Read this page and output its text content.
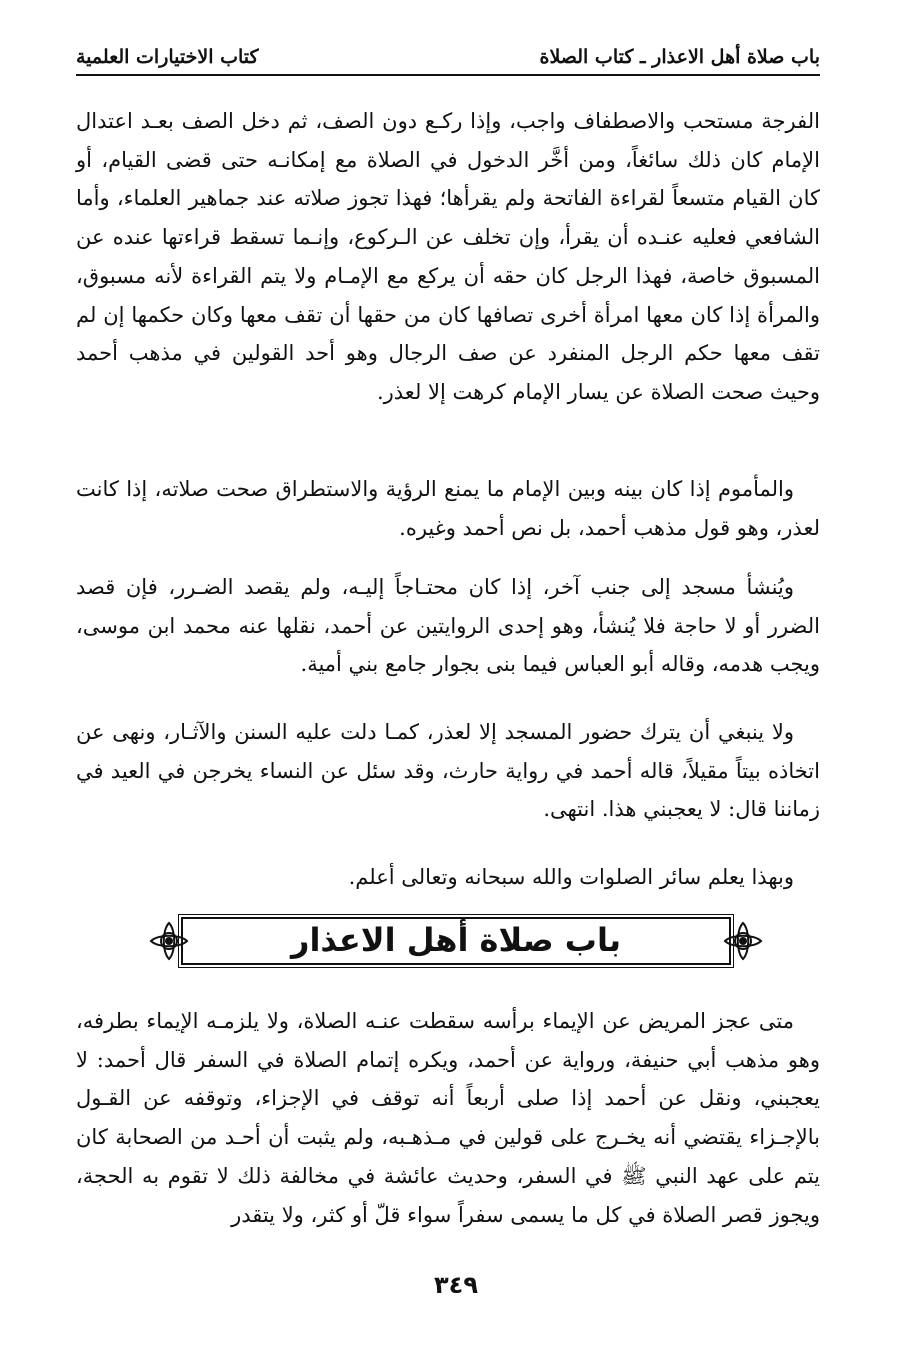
باب صلاة أهل الاعذار ـ كتاب الصلاة
كتاب الاختيارات العلمية

الفرجة مستحب والاصطفاف واجب، وإذا ركـع دون الصف، ثم دخل الصف بعـد اعتدال الإمام كان ذلك سائغاً، ومن أخَّر الدخول في الصلاة مع إمكانـه حتى قضى القيام، أو كان القيام متسعاً لقراءة الفاتحة ولم يقرأها؛ فهذا تجوز صلاته عند جماهير العلماء، وأما الشافعي فعليه عنـده أن يقرأ، وإن تخلف عن الـركوع، وإنـما تسقط قراءتها عنده عن المسبوق خاصة، فهذا الرجل كان حقه أن يركع مع الإمـام ولا يتم القراءة لأنه مسبوق، والمرأة إذا كان معها امرأة أخرى تصافها كان من حقها أن تقف معها وكان حكمها إن لم تقف معها حكم الرجل المنفرد عن صف الرجال وهو أحد القولين في مذهب أحمد وحيث صحت الصلاة عن يسار الإمام كرهت إلا لعذر.

والمأموم إذا كان بينه وبين الإمام ما يمنع الرؤية والاستطراق صحت صلاته، إذا كانت لعذر، وهو قول مذهب أحمد، بل نص أحمد وغيره.

ويُنشأ مسجد إلى جنب آخر، إذا كان محتـاجاً إليـه، ولم يقصد الضـرر، فإن قصد الضرر أو لا حاجة فلا يُنشأ، وهو إحدى الروايتين عن أحمد، نقلها عنه محمد ابن موسى، ويجب هدمه، وقاله أبو العباس فيما بنى بجوار جامع بني أمية.

ولا ينبغي أن يترك حضور المسجد إلا لعذر، كمـا دلت عليه السنن والآثـار، ونهى عن اتخاذه بيتاً مقيلاً، قاله أحمد في رواية حارث، وقد سئل عن النساء يخرجن في العيد في زماننا قال: لا يعجبني هذا. انتهى.

وبهذا يعلم سائر الصلوات والله سبحانه وتعالى أعلم.

باب صلاة أهل الاعذار

متى عجز المريض عن الإيماء برأسه سقطت عنـه الصلاة، ولا يلزمـه الإيماء بطرفه، وهو مذهب أبي حنيفة، ورواية عن أحمد، ويكره إتمام الصلاة في السفر قال أحمد: لا يعجبني، ونقل عن أحمد إذا صلى أربعاً أنه توقف في الإجزاء، وتوقفه عن القـول بالإجـزاء يقتضي أنه يخـرج على قولين في مـذهـبه، ولم يثبت أن أحـد من الصحابة كان يتم على عهد النبي ﷺ في السفر، وحديث عائشة في مخالفة ذلك لا تقوم به الحجة، ويجوز قصر الصلاة في كل ما يسمى سفراً سواء قلّ أو كثر، ولا يتقدر

٣٤٩
